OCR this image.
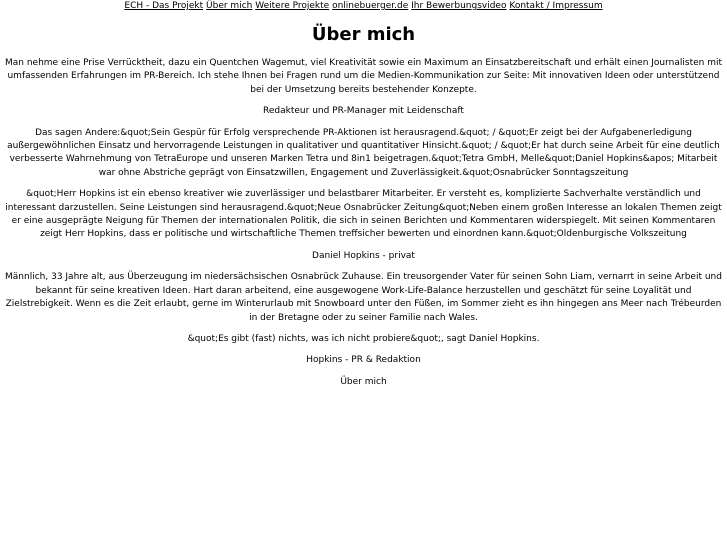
ECH - Das Projekt Über mich Weitere Projekte onlinebuerger.de Ihr Bewerbungsvideo Kontakt / Impressum
Über mich

Man nehme eine Prise Verrücktheit, dazu ein Quentchen Wagemut, viel Kreativität sowie ein Maximum an Einsatzbereitschaft und erhält einen Journalisten mit umfassenden Erfahrungen im PR-Bereich. Ich stehe Ihnen bei Fragen rund um die Medien-Kommunikation zur Seite: Mit innovativen Ideen oder unterstützend bei der Umsetzung bereits bestehender Konzepte.

Redakteur und PR-Manager mit Leidenschaft

Das sagen Andere:&quot;Sein Gespür für Erfolg versprechende PR-Aktionen ist herausragend.&quot; / &quot;Er zeigt bei der Aufgabenerledigung außergewöhnlichen Einsatz und hervorragende Leistungen in qualitativer und quantitativer Hinsicht.&quot; / &quot;Er hat durch seine Arbeit für eine deutlich verbesserte Wahrnehmung von TetraEurope und unseren Marken Tetra und 8in1 beigetragen.&quot;Tetra GmbH, Melle&quot;Daniel Hopkins&apos; Mitarbeit war ohne Abstriche geprägt von Einsatzwillen, Engagement und Zuverlässigkeit.&quot;Osnabrücker Sonntagszeitung

&quot;Herr Hopkins ist ein ebenso kreativer wie zuverlässiger und belastbarer Mitarbeiter. Er versteht es, komplizierte Sachverhalte verständlich und interessant darzustellen. Seine Leistungen sind herausragend.&quot;Neue Osnabrücker Zeitung&quot;Neben einem großen Interesse an lokalen Themen zeigt er eine ausgeprägte Neigung für Themen der internationalen Politik, die sich in seinen Berichten und Kommentaren widerspiegelt. Mit seinen Kommentaren zeigt Herr Hopkins, dass er politische und wirtschaftliche Themen treffsicher bewerten und einordnen kann.&quot;Oldenburgische Volkszeitung

Daniel Hopkins - privat

Männlich, 33 Jahre alt, aus Überzeugung im niedersächsischen Osnabrück Zuhause. Ein treusorgender Vater für seinen Sohn Liam, vernarrt in seine Arbeit und bekannt für seine kreativen Ideen. Hart daran arbeitend, eine ausgewogene Work-Life-Balance herzustellen und geschätzt für seine Loyalität und Zielstrebigkeit. Wenn es die Zeit erlaubt, gerne im Winterurlaub mit Snowboard unter den Füßen, im Sommer zieht es ihn hingegen ans Meer nach Trébeurden in der Bretagne oder zu seiner Familie nach Wales.

&quot;Es gibt (fast) nichts, was ich nicht probiere&quot;, sagt Daniel Hopkins.

Hopkins - PR & Redaktion

Über mich
